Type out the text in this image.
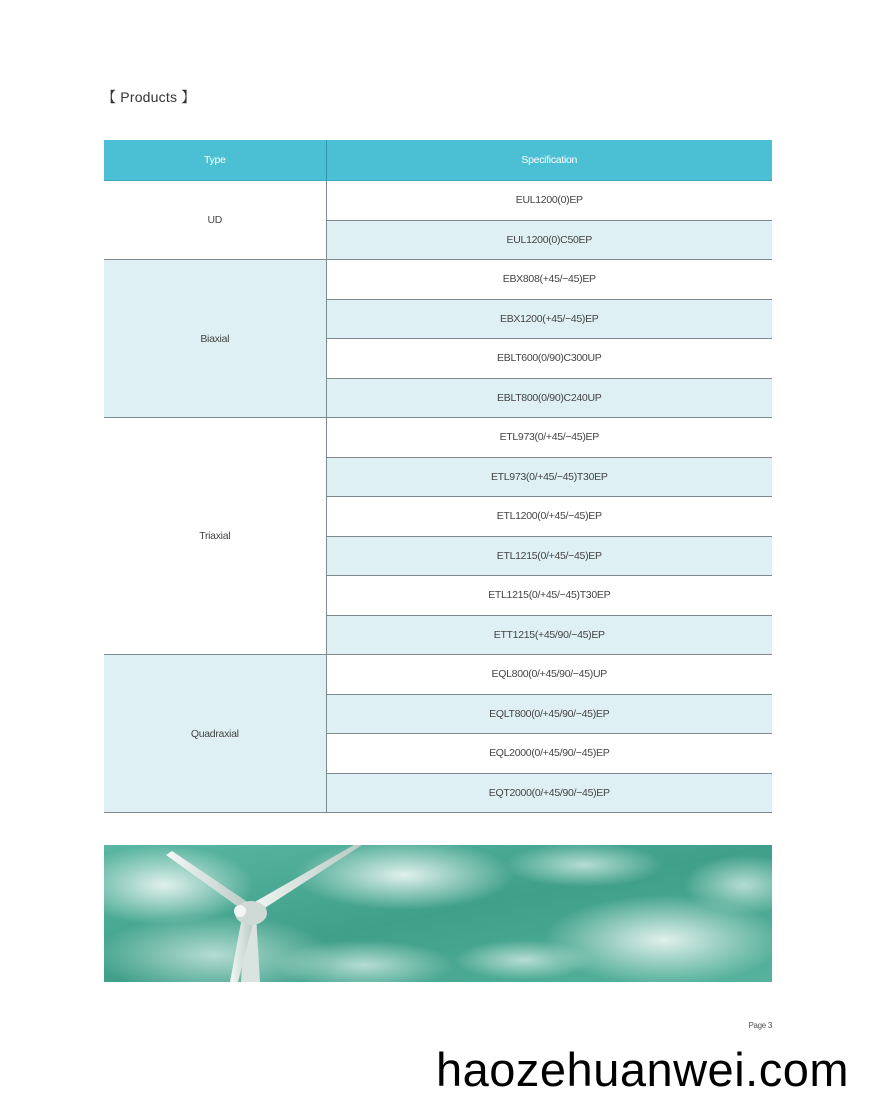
【 Products 】
Type	Specification
UD	EUL1200(0)EP
	EUL1200(0)C50EP
Biaxial	EBX808(+45/−45)EP
	EBX1200(+45/−45)EP
	EBLT600(0/90)C300UP
	EBLT800(0/90)C240UP
Triaxial	ETL973(0/+45/−45)EP
	ETL973(0/+45/−45)T30EP
	ETL1200(0/+45/−45)EP
	ETL1215(0/+45/−45)EP
	ETL1215(0/+45/−45)T30EP
	ETT1215(+45/90/−45)EP
Quadraxial	EQL800(0/+45/90/−45)UP
	EQLT800(0/+45/90/−45)EP
	EQL2000(0/+45/90/−45)EP
	EQT2000(0/+45/90/−45)EP
Page 3
haozehuanwei.com
